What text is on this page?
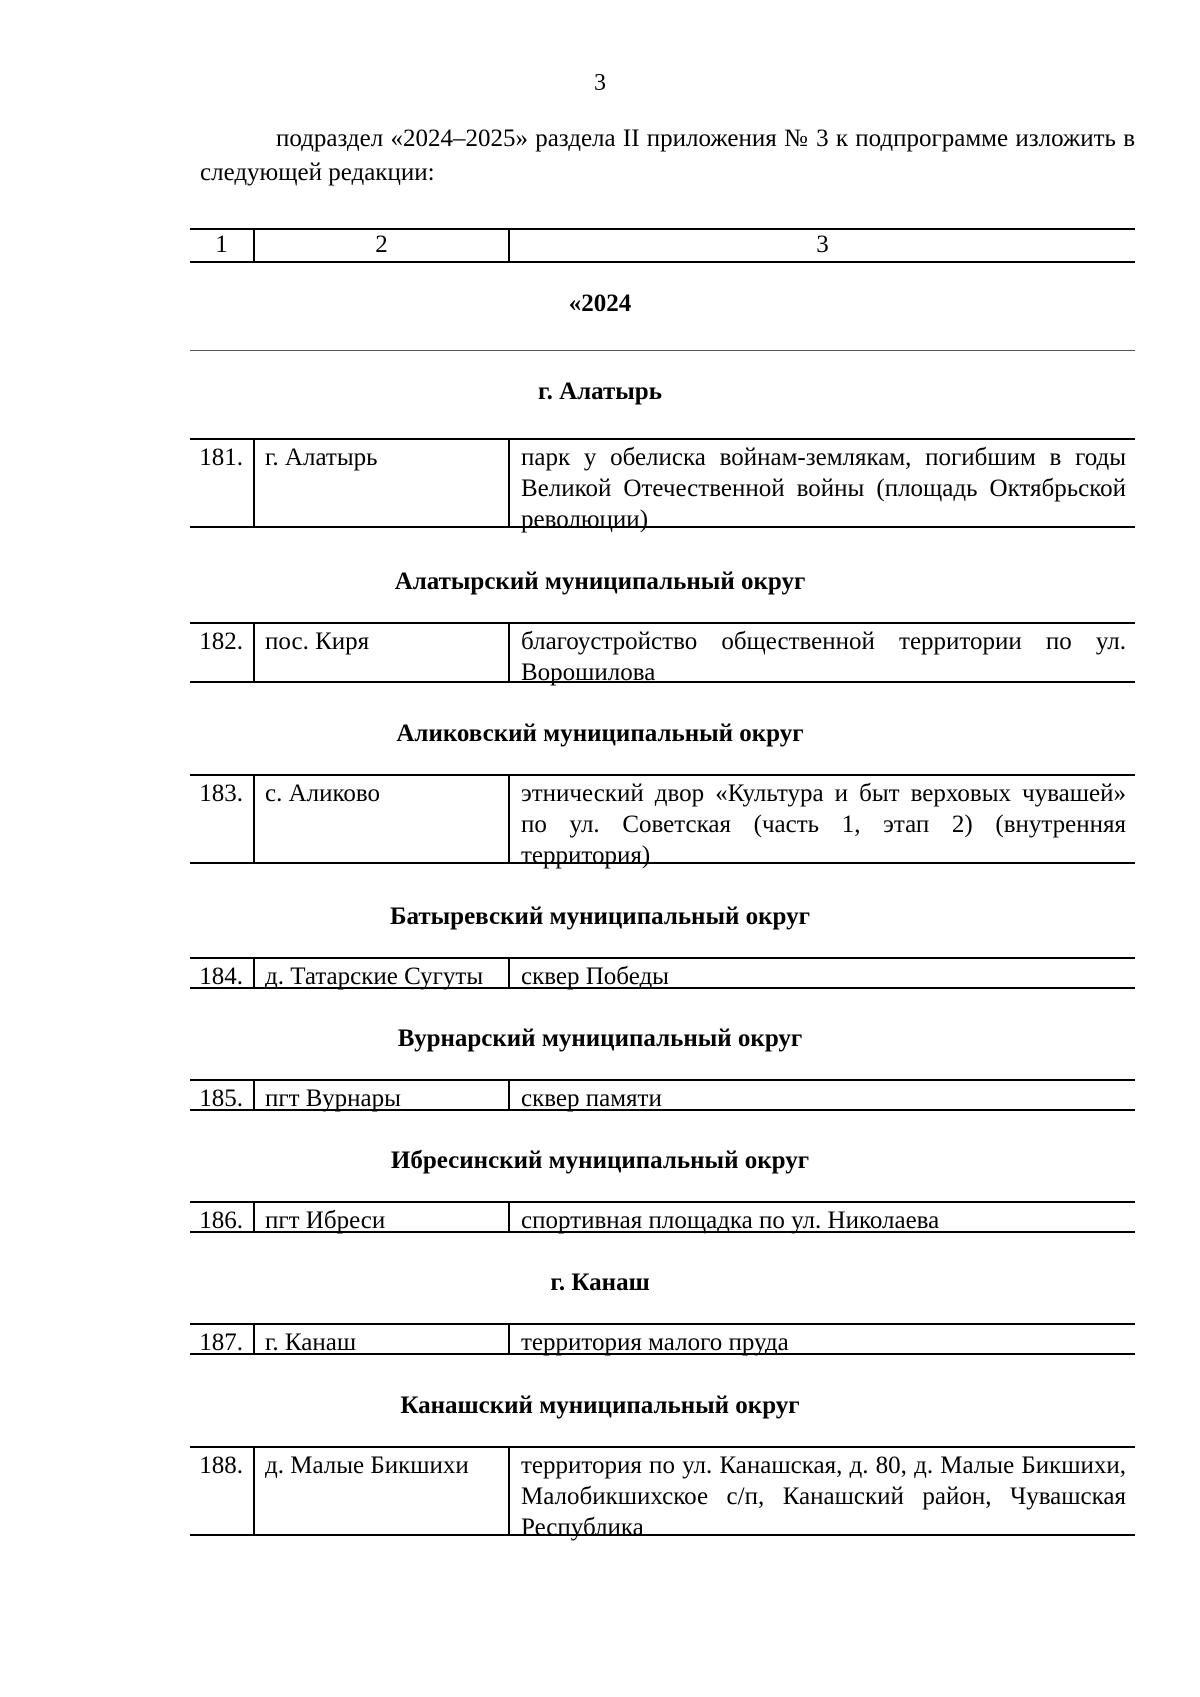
3
подраздел «2024–2025» раздела II приложения № 3 к подпрограмме изложить в следующей редакции:
1	2	3
«2024
г. Алатырь
181. г. Алатырь	парк у обелиска войнам-землякам, погибшим в годы Великой Отечественной войны (площадь Октябрьской революции)
Алатырский муниципальный округ
182. пос. Киря	благоустройство общественной территории по ул. Ворошилова
Аликовский муниципальный округ
183. с. Аликово	этнический двор «Культура и быт верховых чувашей» по ул. Советская (часть 1, этап 2) (внутренняя территория)
Батыревский муниципальный округ
184. д. Татарские Сугуты	сквер Победы
Вурнарский муниципальный округ
185. пгт Вурнары	сквер памяти
Ибресинский муниципальный округ
186. пгт Ибреси	спортивная площадка по ул. Николаева
г. Канаш
187. г. Канаш	территория малого пруда
Канашский муниципальный округ
188. д. Малые Бикшихи	территория по ул. Канашская, д. 80, д. Малые Бикшихи, Малобикшихское с/п, Канашский район, Чувашская Республика
